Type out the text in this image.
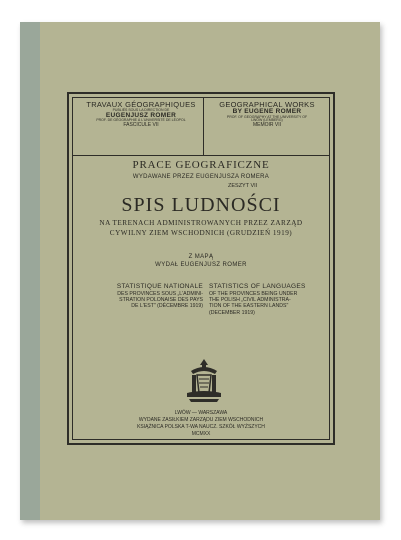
TRAVAUX GÉOGRAPHIQUES
PUBLIÉS SOUS LA DIRECTION DE
EUGENJUSZ ROMER
PROF. DE GÉOGRAPHIE À L'UNIVERSITÉ DE LÉOPOL
FASCICULE VII
GEOGRAPHICAL WORKS
BY EUGENE ROMER
PROF. OF GEOGRAPHY AT THE UNIVERSITY OF
LWÓW (LEMBERG)
MEMOIR VII
PRACE GEOGRAFICZNE
WYDAWANE PRZEZ EUGENJUSZA ROMERA
ZESZYT VII
SPIS LUDNOŚCI
NA TERENACH ADMINISTROWANYCH PRZEZ ZARZĄD
CYWILNY ZIEM WSCHODNICH (GRUDZIEŃ 1919)
Z MAPĄ
WYDAŁ EUGENJUSZ ROMER
STATISTIQUE NATIONALE
DES PROVINCES SOUS „L'ADMINI-
STRATION POLONAISE DES PAYS
DE L'EST" (DÉCEMBRE 1919)
STATISTICS OF LANGUAGES
OF THE PROVINCES BEING UNDER
THE POLISH „CIVIL ADMINISTRA-
TION OF THE EASTERN LANDS"
(DECEMBER 1919)
LWÓW — WARSZAWA
WYDANE ZASIŁKIEM ZARZĄDU ZIEM WSCHODNICH
KSIĄŻNICA POLSKA T-WA NAUCZ. SZKÓŁ WYŻSZYCH
MCMXX
